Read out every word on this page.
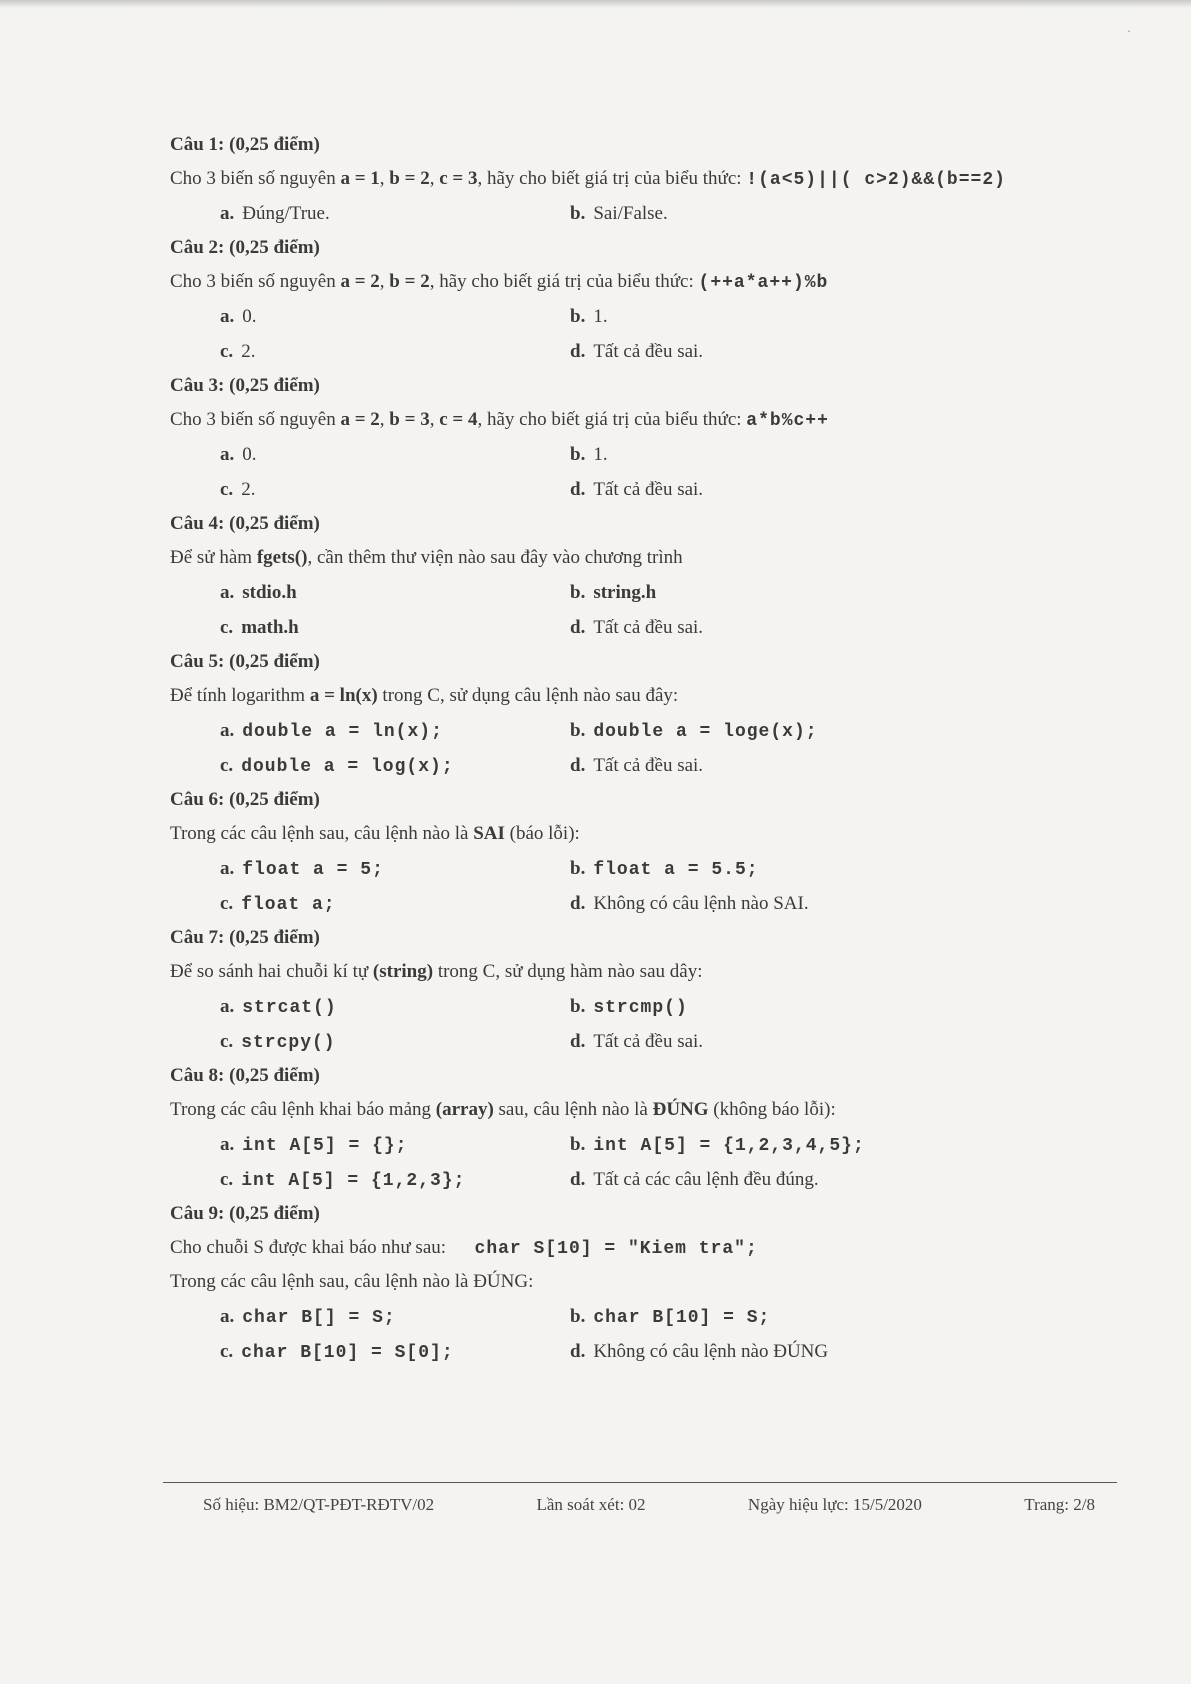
·
Câu 1: (0,25 điểm)
Cho 3 biến số nguyên a = 1, b = 2, c = 3, hãy cho biết giá trị của biểu thức: !(a<5)||( c>2)&&(b==2)
a. Đúng/True.	b. Sai/False.
Câu 2: (0,25 điểm)
Cho 3 biến số nguyên a = 2, b = 2, hãy cho biết giá trị của biểu thức: (++a*a++)%b
a. 0.	b. 1.
c. 2.	d. Tất cả đều sai.
Câu 3: (0,25 điểm)
Cho 3 biến số nguyên a = 2, b = 3, c = 4, hãy cho biết giá trị của biểu thức: a*b%c++
a. 0.	b. 1.
c. 2.	d. Tất cả đều sai.
Câu 4: (0,25 điểm)
Để sử hàm fgets(), cần thêm thư viện nào sau đây vào chương trình
a. stdio.h	b. string.h
c. math.h	d. Tất cả đều sai.
Câu 5: (0,25 điểm)
Để tính logarithm a = ln(x) trong C, sử dụng câu lệnh nào sau đây:
a. double a = ln(x);	b. double a = loge(x);
c. double a = log(x);	d. Tất cả đều sai.
Câu 6: (0,25 điểm)
Trong các câu lệnh sau, câu lệnh nào là SAI (báo lỗi):
a. float a = 5;	b. float a = 5.5;
c. float a;	d. Không có câu lệnh nào SAI.
Câu 7: (0,25 điểm)
Để so sánh hai chuỗi kí tự (string) trong C, sử dụng hàm nào sau dây:
a. strcat()	b. strcmp()
c. strcpy()	d. Tất cả đều sai.
Câu 8: (0,25 điểm)
Trong các câu lệnh khai báo mảng (array) sau, câu lệnh nào là ĐÚNG (không báo lỗi):
a. int A[5] = {};	b. int A[5] = {1,2,3,4,5};
c. int A[5] = {1,2,3};	d. Tất cả các câu lệnh đều đúng.
Câu 9: (0,25 điểm)
Cho chuỗi S được khai báo như sau:      char S[10] = "Kiem tra";
Trong các câu lệnh sau, câu lệnh nào là ĐÚNG:
a. char B[] = S;	b. char B[10] = S;
c. char B[10] = S[0];	d. Không có câu lệnh nào ĐÚNG
Số hiệu: BM2/QT-PĐT-RĐTV/02	Lần soát xét: 02	Ngày hiệu lực: 15/5/2020	Trang: 2/8
